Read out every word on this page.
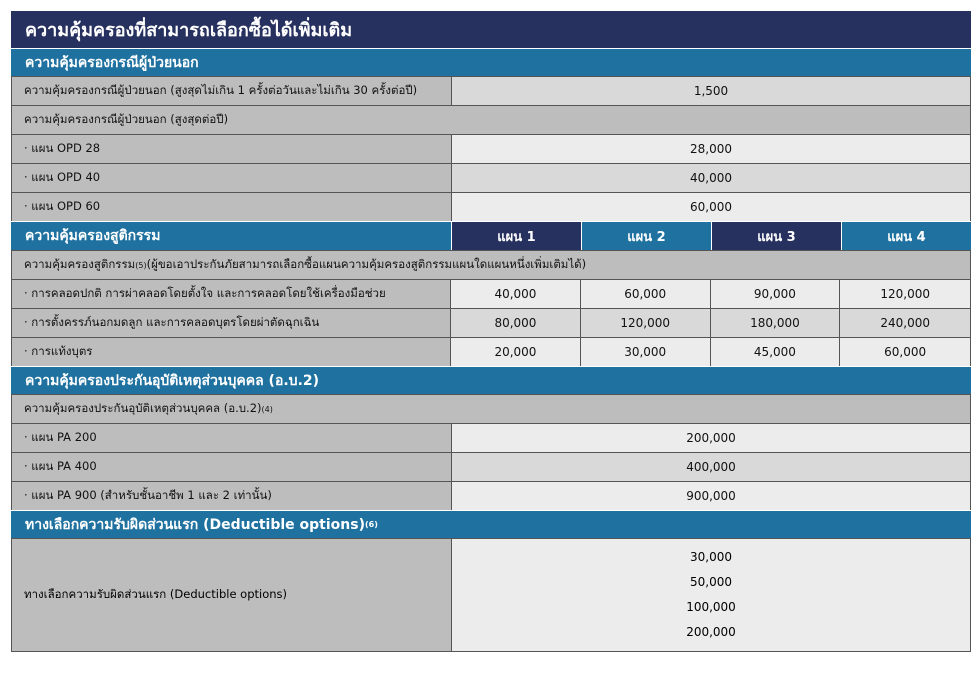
ความคุ้มครองที่สามารถเลือกซื้อได้เพิ่มเติม
ความคุ้มครองกรณีผู้ป่วยนอก
ความคุ้มครองกรณีผู้ป่วยนอก (สูงสุดไม่เกิน 1 ครั้งต่อวันและไม่เกิน 30 ครั้งต่อปี)	1,500
ความคุ้มครองกรณีผู้ป่วยนอก (สูงสุดต่อปี)
· แผน OPD 28	28,000
· แผน OPD 40	40,000
· แผน OPD 60	60,000
ความคุ้มครองสูติกรรม	แผน 1	แผน 2	แผน 3	แผน 4
ความคุ้มครองสูติกรรม (5) (ผู้ขอเอาประกันภัยสามารถเลือกซื้อแผนความคุ้มครองสูติกรรมแผนใดแผนหนึ่งเพิ่มเติมได้)
· การคลอดปกติ การผ่าคลอดโดยตั้งใจ และการคลอดโดยใช้เครื่องมือช่วย	40,000	60,000	90,000	120,000
· การตั้งครรภ์นอกมดลูก และการคลอดบุตรโดยผ่าตัดฉุกเฉิน	80,000	120,000	180,000	240,000
· การแท้งบุตร	20,000	30,000	45,000	60,000
ความคุ้มครองประกันอุบัติเหตุส่วนบุคคล (อ.บ.2)
ความคุ้มครองประกันอุบัติเหตุส่วนบุคคล (อ.บ.2) (4)
· แผน PA 200	200,000
· แผน PA 400	400,000
· แผน PA 900 (สำหรับชั้นอาชีพ 1 และ 2 เท่านั้น)	900,000
ทางเลือกความรับผิดส่วนแรก (Deductible options) (6)
ทางเลือกความรับผิดส่วนแรก (Deductible options)
30,000
50,000
100,000
200,000
